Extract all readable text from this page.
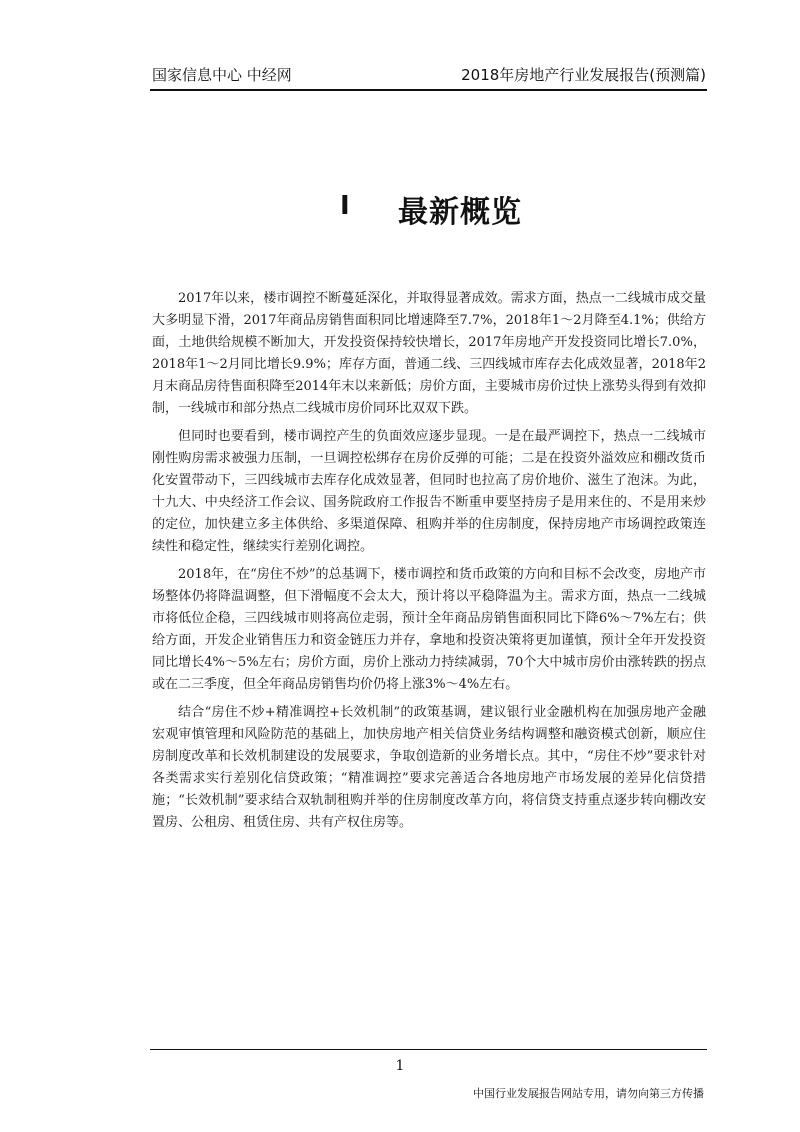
国家信息中心 中经网	2018年房地产行业发展报告(预测篇)
Ⅰ 最新概览

2017年以来，楼市调控不断蔓延深化，并取得显著成效。需求方面，热点一二线城市成交量大多明显下滑，2017年商品房销售面积同比增速降至7.7%，2018年1～2月降至4.1%；供给方面，土地供给规模不断加大，开发投资保持较快增长，2017年房地产开发投资同比增长7.0%，2018年1～2月同比增长9.9%；库存方面，普通二线、三四线城市库存去化成效显著，2018年2月末商品房待售面积降至2014年末以来新低；房价方面，主要城市房价过快上涨势头得到有效抑制，一线城市和部分热点二线城市房价同环比双双下跌。

但同时也要看到，楼市调控产生的负面效应逐步显现。一是在最严调控下，热点一二线城市刚性购房需求被强力压制，一旦调控松绑存在房价反弹的可能；二是在投资外溢效应和棚改货币化安置带动下，三四线城市去库存化成效显著，但同时也拉高了房价地价、滋生了泡沫。为此，十九大、中央经济工作会议、国务院政府工作报告不断重申要坚持房子是用来住的、不是用来炒的定位，加快建立多主体供给、多渠道保障、租购并举的住房制度，保持房地产市场调控政策连续性和稳定性，继续实行差别化调控。

2018年，在“房住不炒”的总基调下，楼市调控和货币政策的方向和目标不会改变，房地产市场整体仍将降温调整，但下滑幅度不会太大，预计将以平稳降温为主。需求方面，热点一二线城市将低位企稳，三四线城市则将高位走弱，预计全年商品房销售面积同比下降6%～7%左右；供给方面，开发企业销售压力和资金链压力并存，拿地和投资决策将更加谨慎，预计全年开发投资同比增长4%～5%左右；房价方面，房价上涨动力持续减弱，70个大中城市房价由涨转跌的拐点或在二三季度，但全年商品房销售均价仍将上涨3%～4%左右。

结合“房住不炒+精准调控+长效机制”的政策基调，建议银行业金融机构在加强房地产金融宏观审慎管理和风险防范的基础上，加快房地产相关信贷业务结构调整和融资模式创新，顺应住房制度改革和长效机制建设的发展要求，争取创造新的业务增长点。其中，“房住不炒”要求针对各类需求实行差别化信贷政策；“精准调控”要求完善适合各地房地产市场发展的差异化信贷措施；“长效机制”要求结合双轨制租购并举的住房制度改革方向，将信贷支持重点逐步转向棚改安置房、公租房、租赁住房、共有产权住房等。

1
中国行业发展报告网站专用，请勿向第三方传播
